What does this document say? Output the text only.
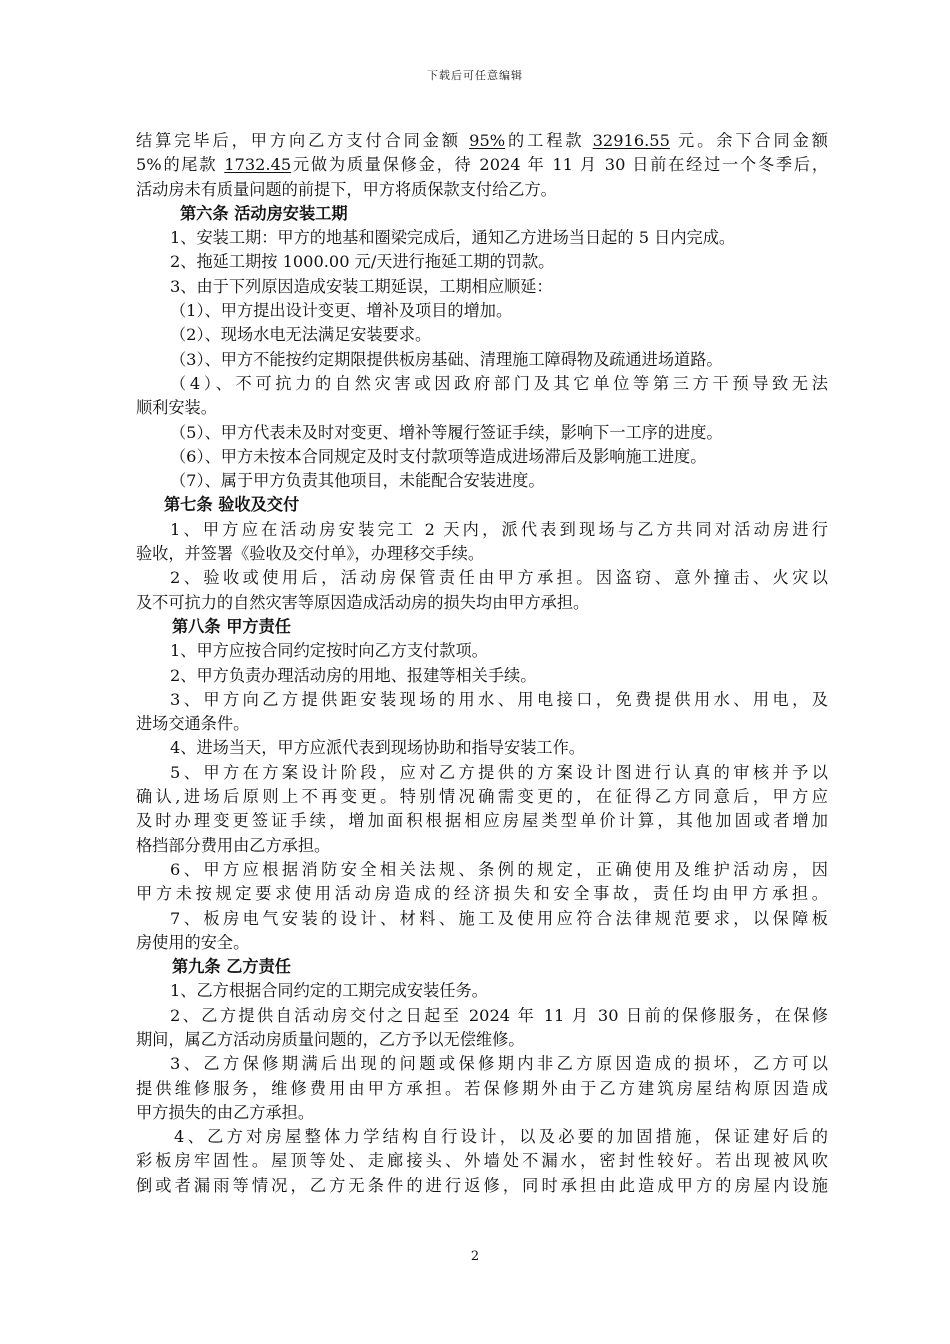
下载后可任意编辑
结算完毕后，甲方向乙方支付合同金额 95%的工程款 32916.55 元。余下合同金额
5%的尾款 1732.45元做为质量保修金，待 2024 年 11 月 30 日前在经过一个冬季后，
活动房未有质量问题的前提下，甲方将质保款支付给乙方。
第六条 活动房安装工期
1、安装工期：甲方的地基和圈梁完成后，通知乙方进场当日起的 5 日内完成。
2、拖延工期按 1000.00 元/天进行拖延工期的罚款。
3、由于下列原因造成安装工期延误，工期相应顺延：
（1）、甲方提出设计变更、增补及项目的增加。
（2）、现场水电无法满足安装要求。
（3）、甲方不能按约定期限提供板房基础、清理施工障碍物及疏通进场道路。
（4）、不可抗力的自然灾害或因政府部门及其它单位等第三方干预导致无法
顺利安装。
（5）、甲方代表未及时对变更、增补等履行签证手续，影响下一工序的进度。
（6）、甲方未按本合同规定及时支付款项等造成进场滞后及影响施工进度。
（7）、属于甲方负责其他项目，未能配合安装进度。
第七条 验收及交付
1、甲方应在活动房安装完工 2 天内，派代表到现场与乙方共同对活动房进行
验收，并签署《验收及交付单》，办理移交手续。
2、验收或使用后，活动房保管责任由甲方承担。因盗窃、意外撞击、火灾以
及不可抗力的自然灾害等原因造成活动房的损失均由甲方承担。
第八条 甲方责任
1、甲方应按合同约定按时向乙方支付款项。
2、甲方负责办理活动房的用地、报建等相关手续。
3、甲方向乙方提供距安装现场的用水、用电接口，免费提供用水、用电，及
进场交通条件。
4、进场当天，甲方应派代表到现场协助和指导安装工作。
5、甲方在方案设计阶段，应对乙方提供的方案设计图进行认真的审核并予以
确认,进场后原则上不再变更。特别情况确需变更的，在征得乙方同意后，甲方应
及时办理变更签证手续，增加面积根据相应房屋类型单价计算，其他加固或者增加
格挡部分费用由乙方承担。
6、甲方应根据消防安全相关法规、条例的规定，正确使用及维护活动房，因
甲方未按规定要求使用活动房造成的经济损失和安全事故，责任均由甲方承担。
7、板房电气安装的设计、材料、施工及使用应符合法律规范要求，以保障板
房使用的安全。
第九条 乙方责任
1、乙方根据合同约定的工期完成安装任务。
2、乙方提供自活动房交付之日起至 2024 年 11 月 30 日前的保修服务，在保修
期间，属乙方活动房质量问题的，乙方予以无偿维修。
3、乙方保修期满后出现的问题或保修期内非乙方原因造成的损坏，乙方可以
提供维修服务，维修费用由甲方承担。若保修期外由于乙方建筑房屋结构原因造成
甲方损失的由乙方承担。
4、乙方对房屋整体力学结构自行设计，以及必要的加固措施，保证建好后的
彩板房牢固性。屋顶等处、走廊接头、外墙处不漏水，密封性较好。若出现被风吹
倒或者漏雨等情况，乙方无条件的进行返修，同时承担由此造成甲方的房屋内设施
2
